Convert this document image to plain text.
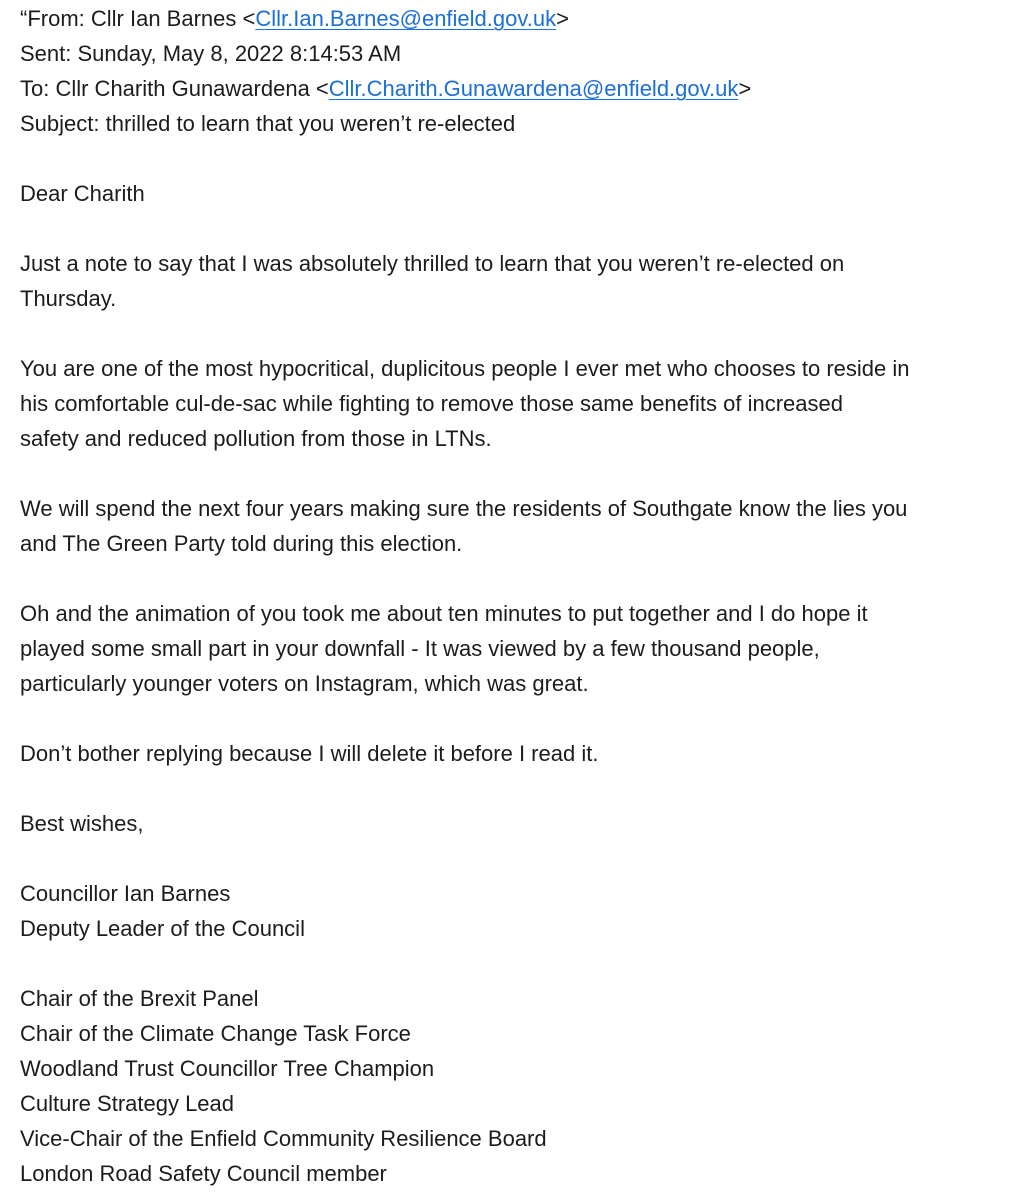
“From: Cllr Ian Barnes <Cllr.Ian.Barnes@enfield.gov.uk>
Sent: Sunday, May 8, 2022 8:14:53 AM
To: Cllr Charith Gunawardena <Cllr.Charith.Gunawardena@enfield.gov.uk>
Subject: thrilled to learn that you weren’t re-elected
Dear Charith
Just a note to say that I was absolutely thrilled to learn that you weren’t re-elected on
Thursday.
You are one of the most hypocritical, duplicitous people I ever met who chooses to reside in
his comfortable cul-de-sac while fighting to remove those same benefits of increased
safety and reduced pollution from those in LTNs.
We will spend the next four years making sure the residents of Southgate know the lies you
and The Green Party told during this election.
Oh and the animation of you took me about ten minutes to put together and I do hope it
played some small part in your downfall - It was viewed by a few thousand people,
particularly younger voters on Instagram, which was great.
Don’t bother replying because I will delete it before I read it.
Best wishes,
Councillor Ian Barnes
Deputy Leader of the Council
Chair of the Brexit Panel
Chair of the Climate Change Task Force
Woodland Trust Councillor Tree Champion
Culture Strategy Lead
Vice-Chair of the Enfield Community Resilience Board
London Road Safety Council member
